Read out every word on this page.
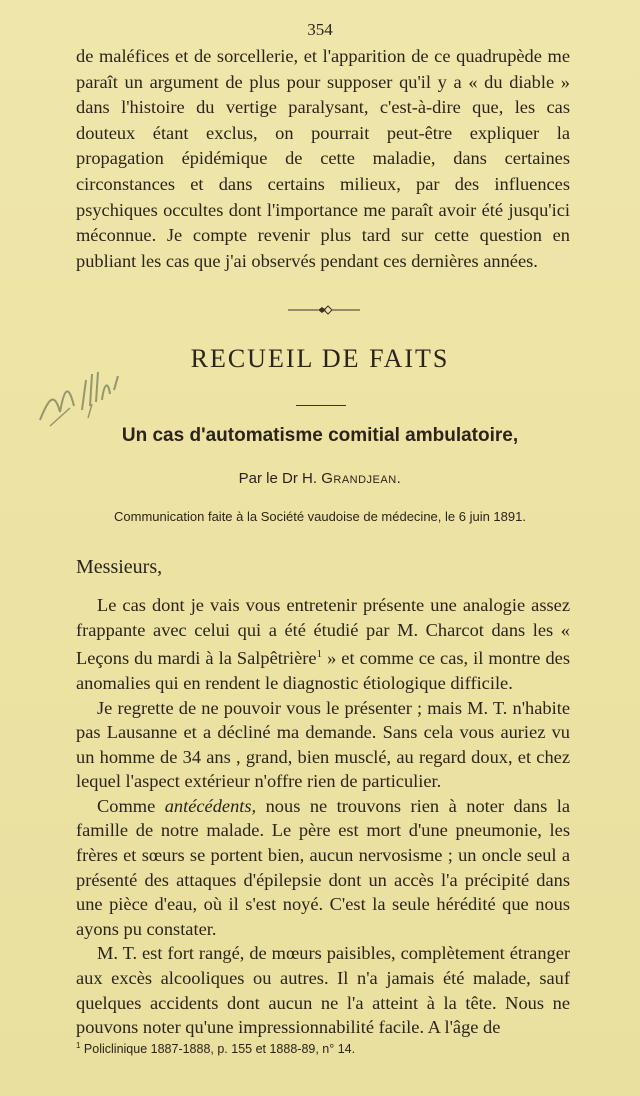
354
de maléfices et de sorcellerie, et l'apparition de ce quadrupède me paraît un argument de plus pour supposer qu'il y a « du diable » dans l'histoire du vertige paralysant, c'est-à-dire que, les cas douteux étant exclus, on pourrait peut-être expliquer la propagation épidémique de cette maladie, dans certaines circonstances et dans certains milieux, par des influences psychiques occultes dont l'importance me paraît avoir été jusqu'ici méconnue. Je compte revenir plus tard sur cette question en publiant les cas que j'ai observés pendant ces dernières années.
RECUEIL DE FAITS
Un cas d'automatisme comitial ambulatoire,
Par le Dr H. Grandjean.
Communication faite à la Société vaudoise de médecine, le 6 juin 1891.
Messieurs,

Le cas dont je vais vous entretenir présente une analogie assez frappante avec celui qui a été étudié par M. Charcot dans les « Leçons du mardi à la Salpêtrière$^1$ » et comme ce cas, il montre des anomalies qui en rendent le diagnostic étiologique difficile.

Je regrette de ne pouvoir vous le présenter ; mais M. T. n'habite pas Lausanne et a décliné ma demande. Sans cela vous auriez vu un homme de 34 ans , grand, bien musclé, au regard doux, et chez lequel l'aspect extérieur n'offre rien de particulier.

Comme antécédents, nous ne trouvons rien à noter dans la famille de notre malade. Le père est mort d'une pneumonie, les frères et sœurs se portent bien, aucun nervosisme ; un oncle seul a présenté des attaques d'épilepsie dont un accès l'a précipité dans une pièce d'eau, où il s'est noyé. C'est la seule hérédité que nous ayons pu constater.

M. T. est fort rangé, de mœurs paisibles, complètement étranger aux excès alcooliques ou autres. Il n'a jamais été malade, sauf quelques accidents dont aucun ne l'a atteint à la tête. Nous ne pouvons noter qu'une impressionnabilité facile. A l'âge de

$^1$ Policlinique 1887-1888, p. 155 et 1888-89, n° 14.
